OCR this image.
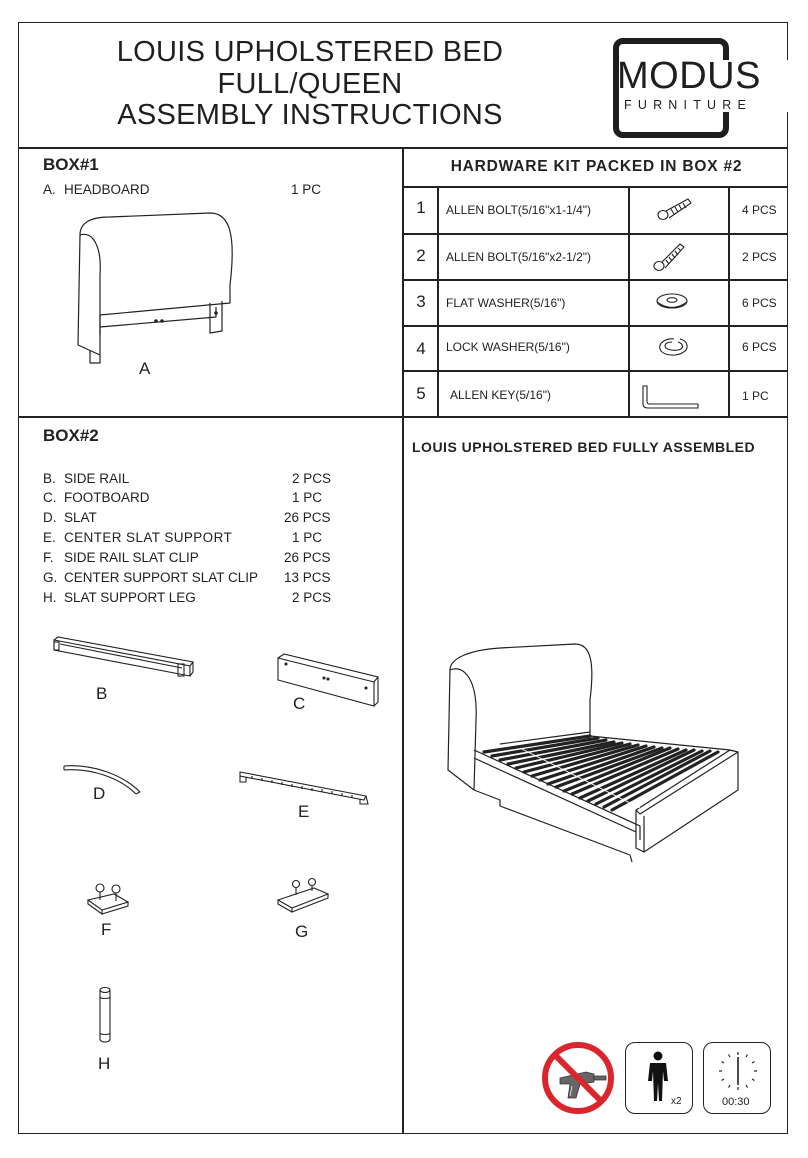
LOUIS UPHOLSTERED BED
FULL/QUEEN
ASSEMBLY INSTRUCTIONS
MODUS
FURNITURE
BOX#1
A. HEADBOARD	1 PC
A
HARDWARE KIT PACKED IN BOX #2
1	ALLEN BOLT(5/16"x1-1/4")	4 PCS
2	ALLEN BOLT(5/16"x2-1/2")	2 PCS
3	FLAT WASHER(5/16")	6 PCS
4	LOCK WASHER(5/16")	6 PCS
5	ALLEN KEY(5/16")	1 PC
BOX#2
B. SIDE RAIL	2 PCS
C. FOOTBOARD	1 PC
D. SLAT	26 PCS
E. CENTER SLAT SUPPORT	1 PC
F. SIDE RAIL SLAT CLIP	26 PCS
G. CENTER SUPPORT SLAT CLIP 13 PCS
H. SLAT SUPPORT LEG	2 PCS
B
C
D
E
F	G
H
LOUIS UPHOLSTERED BED FULLY ASSEMBLED
x2	00:30
